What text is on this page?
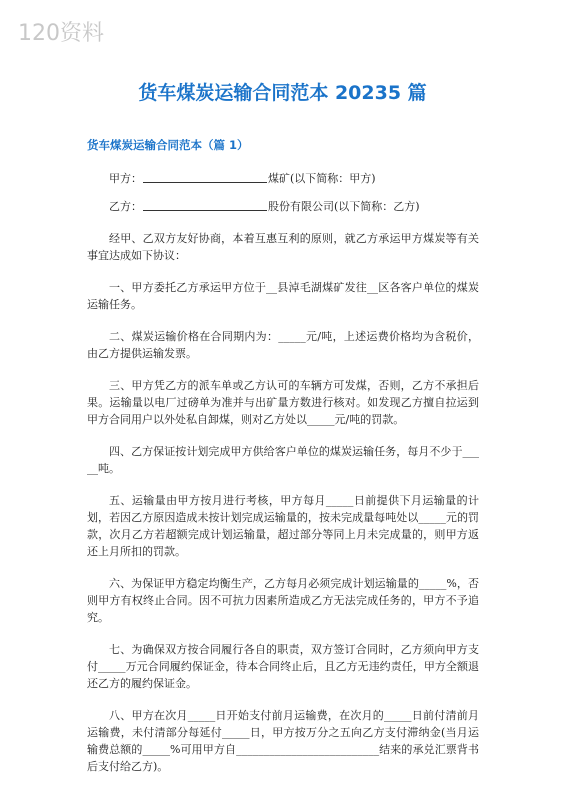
120资料
货车煤炭运输合同范本 20235 篇
货车煤炭运输合同范本（篇 1）
甲方：	煤矿(以下简称：甲方)
乙方：	股份有限公司(以下简称：乙方)

经甲、乙双方友好协商，本着互惠互利的原则，就乙方承运甲方煤炭等有关事宜达成如下协议：

一、甲方委托乙方承运甲方位于__县淖毛湖煤矿发往__区各客户单位的煤炭运输任务。

二、煤炭运输价格在合同期内为：_____元/吨，上述运费价格均为含税价，由乙方提供运输发票。

三、甲方凭乙方的派车单或乙方认可的车辆方可发煤，否则，乙方不承担后果。运输量以电厂过磅单为准并与出矿量方数进行核对。如发现乙方擅自拉运到甲方合同用户以外处私自卸煤，则对乙方处以_____元/吨的罚款。

四、乙方保证按计划完成甲方供给客户单位的煤炭运输任务，每月不少于_____吨。

五、运输量由甲方按月进行考核，甲方每月_____日前提供下月运输量的计划，若因乙方原因造成未按计划完成运输量的，按未完成量每吨处以_____元的罚款，次月乙方若超额完成计划运输量，超过部分等同上月未完成量的，则甲方返还上月所扣的罚款。

六、为保证甲方稳定均衡生产，乙方每月必须完成计划运输量的_____%，否则甲方有权终止合同。因不可抗力因素所造成乙方无法完成任务的，甲方不予追究。

七、为确保双方按合同履行各自的职责，双方签订合同时，乙方须向甲方支付_____万元合同履约保证金，待本合同终止后，且乙方无违约责任，甲方全额退还乙方的履约保证金。

八、甲方在次月_____日开始支付前月运输费，在次月的_____日前付清前月运输费，未付清部分每延付_____日，甲方按万分之五向乙方支付滞纳金(当月运输费总额的_____%可用甲方自__________________________结来的承兑汇票背书后支付给乙方)。
